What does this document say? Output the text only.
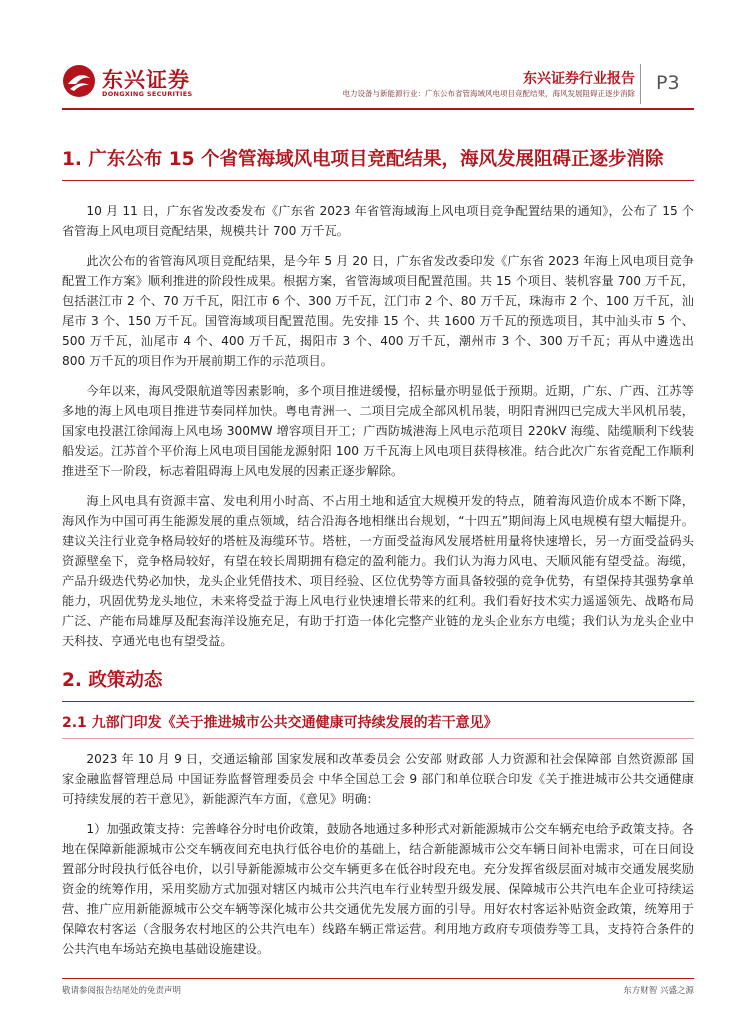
东兴证券
DONGXING SECURITIES
东兴证券行业报告
电力设备与新能源行业：广东公布省管海域风电项目竞配结果，海风发展阻碍正逐步消除 P3
1. 广东公布 15 个省管海域风电项目竞配结果，海风发展阻碍正逐步消除

10 月 11 日，广东省发改委发布《广东省 2023 年省管海域海上风电项目竞争配置结果的通知》，公布了 15 个省管海上风电项目竞配结果，规模共计 700 万千瓦。

此次公布的省管海风项目竞配结果，是今年 5 月 20 日，广东省发改委印发《广东省 2023 年海上风电项目竞争配置工作方案》顺利推进的阶段性成果。根据方案，省管海域项目配置范围。共 15 个项目、装机容量 700 万千瓦，包括湛江市 2 个、70 万千瓦，阳江市 6 个、300 万千瓦，江门市 2 个、80 万千瓦，珠海市 2 个、100 万千瓦，汕尾市 3 个、150 万千瓦。国管海域项目配置范围。先安排 15 个、共 1600 万千瓦的预选项目，其中汕头市 5 个、500 万千瓦，汕尾市 4 个、400 万千瓦，揭阳市 3 个、400 万千瓦，潮州市 3 个、300 万千瓦；再从中遴选出 800 万千瓦的项目作为开展前期工作的示范项目。

今年以来，海风受限航道等因素影响，多个项目推进缓慢，招标量亦明显低于预期。近期，广东、广西、江苏等多地的海上风电项目推进节奏同样加快。粤电青洲一、二项目完成全部风机吊装，明阳青洲四已完成大半风机吊装，国家电投湛江徐闻海上风电场 300MW 增容项目开工；广西防城港海上风电示范项目 220kV 海缆、陆缆顺利下线装船发运。江苏首个平价海上风电项目国能龙源射阳 100 万千瓦海上风电项目获得核准。结合此次广东省竞配工作顺利推进至下一阶段，标志着阻碍海上风电发展的因素正逐步解除。

海上风电具有资源丰富、发电利用小时高、不占用土地和适宜大规模开发的特点，随着海风造价成本不断下降，海风作为中国可再生能源发展的重点领域，结合沿海各地相继出台规划，“十四五”期间海上风电规模有望大幅提升。建议关注行业竞争格局较好的塔桩及海缆环节。塔桩，一方面受益海风发展塔桩用量将快速增长，另一方面受益码头资源壁垒下，竞争格局较好，有望在较长周期拥有稳定的盈利能力。我们认为海力风电、天顺风能有望受益。海缆，产品升级迭代势必加快，龙头企业凭借技术、项目经验、区位优势等方面具备较强的竞争优势，有望保持其强势拿单能力，巩固优势龙头地位，未来将受益于海上风电行业快速增长带来的红利。我们看好技术实力遥遥领先、战略布局广泛、产能布局雄厚及配套海洋设施充足，有助于打造一体化完整产业链的龙头企业东方电缆；我们认为龙头企业中天科技、亨通光电也有望受益。

2. 政策动态
2.1 九部门印发《关于推进城市公共交通健康可持续发展的若干意见》

2023 年 10 月 9 日，交通运输部 国家发展和改革委员会 公安部 财政部 人力资源和社会保障部 自然资源部 国家金融监督管理总局 中国证券监督管理委员会 中华全国总工会 9 部门和单位联合印发《关于推进城市公共交通健康可持续发展的若干意见》，新能源汽车方面，《意见》明确：

1）加强政策支持：完善峰谷分时电价政策，鼓励各地通过多种形式对新能源城市公交车辆充电给予政策支持。各地在保障新能源城市公交车辆夜间充电执行低谷电价的基础上，结合新能源城市公交车辆日间补电需求，可在日间设置部分时段执行低谷电价，以引导新能源城市公交车辆更多在低谷时段充电。充分发挥省级层面对城市交通发展奖励资金的统筹作用，采用奖励方式加强对辖区内城市公共汽电车行业转型升级发展、保障城市公共汽电车企业可持续运营、推广应用新能源城市公交车辆等深化城市公共交通优先发展方面的引导。用好农村客运补贴资金政策，统筹用于保障农村客运（含服务农村地区的公共汽电车）线路车辆正常运营。利用地方政府专项债券等工具，支持符合条件的公共汽电车场站充换电基础设施建设。

敬请参阅报告结尾处的免责声明	东方财智 兴盛之源
